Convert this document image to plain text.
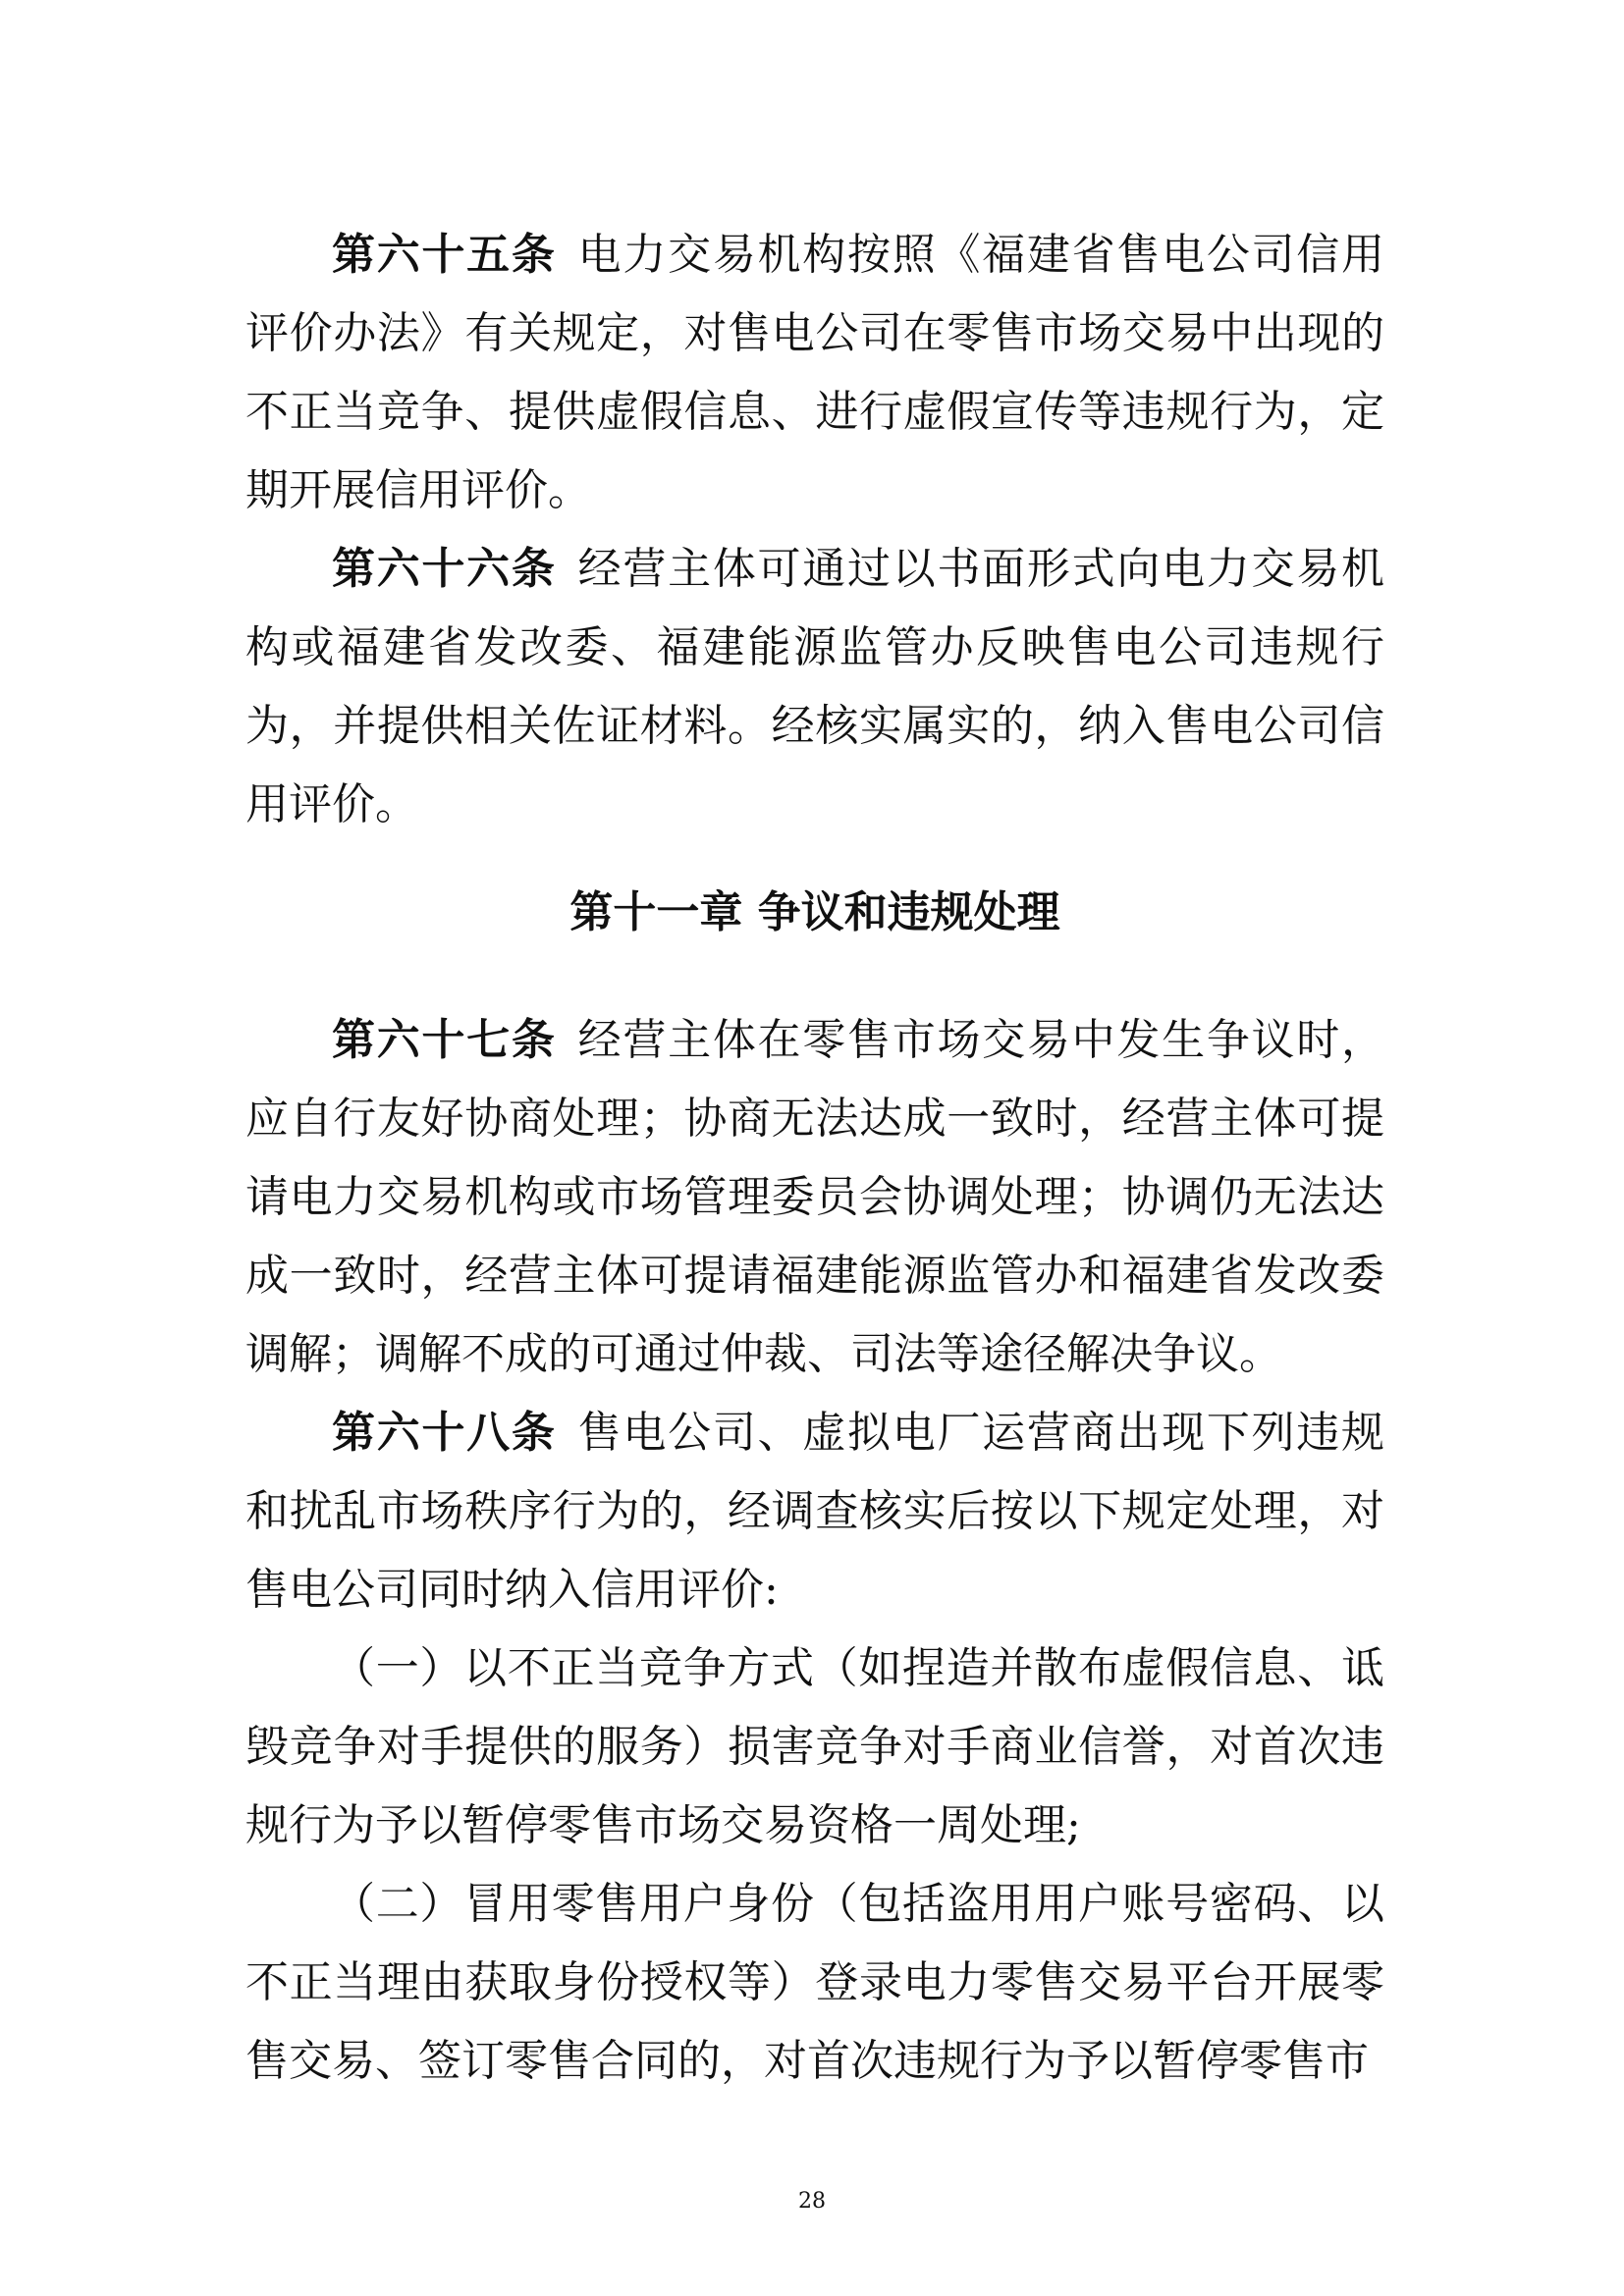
第六十五条 电力交易机构按照《福建省售电公司信用评价办法》有关规定，对售电公司在零售市场交易中出现的不正当竞争、提供虚假信息、进行虚假宣传等违规行为，定期开展信用评价。

第六十六条 经营主体可通过以书面形式向电力交易机构或福建省发改委、福建能源监管办反映售电公司违规行为，并提供相关佐证材料。经核实属实的，纳入售电公司信用评价。

第十一章 争议和违规处理

第六十七条 经营主体在零售市场交易中发生争议时，应自行友好协商处理；协商无法达成一致时，经营主体可提请电力交易机构或市场管理委员会协调处理；协调仍无法达成一致时，经营主体可提请福建能源监管办和福建省发改委调解；调解不成的可通过仲裁、司法等途径解决争议。

第六十八条 售电公司、虚拟电厂运营商出现下列违规和扰乱市场秩序行为的，经调查核实后按以下规定处理，对售电公司同时纳入信用评价:

（一）以不正当竞争方式（如捏造并散布虚假信息、诋毁竞争对手提供的服务）损害竞争对手商业信誉，对首次违规行为予以暂停零售市场交易资格一周处理;

（二）冒用零售用户身份（包括盗用用户账号密码、以不正当理由获取身份授权等）登录电力零售交易平台开展零售交易、签订零售合同的，对首次违规行为予以暂停零售市

28
